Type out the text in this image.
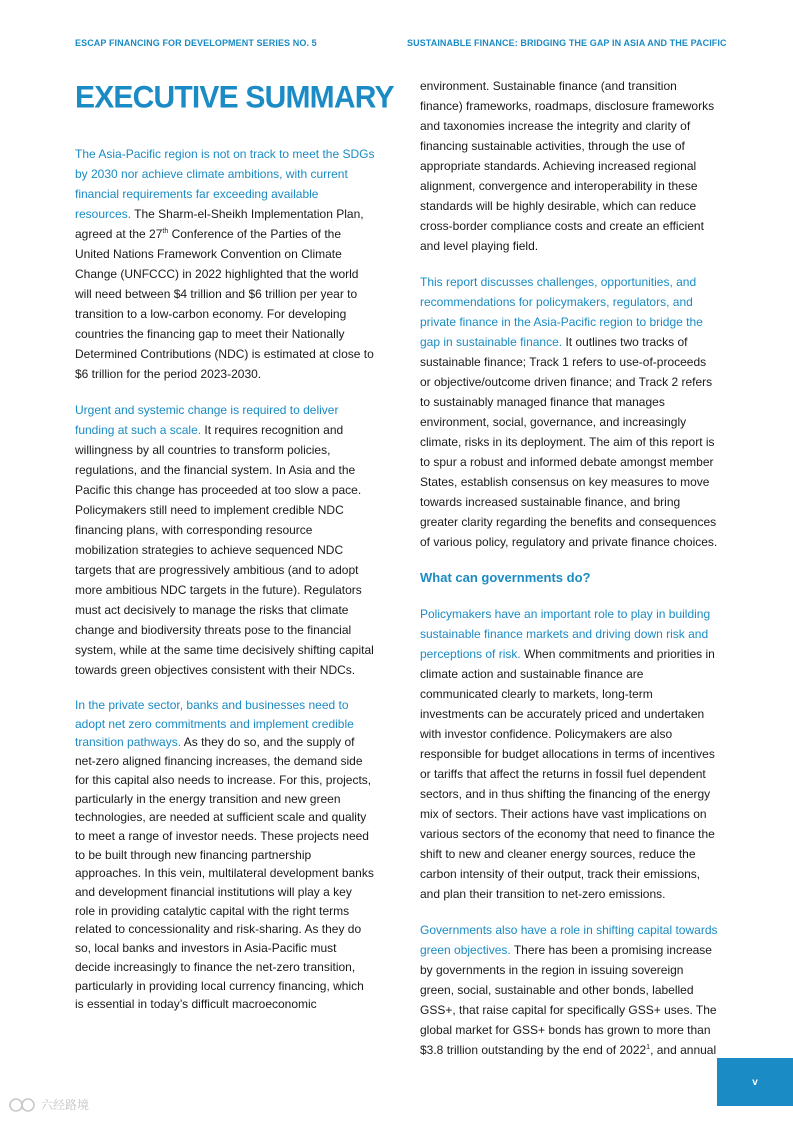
ESCAP FINANCING FOR DEVELOPMENT SERIES NO. 5	SUSTAINABLE FINANCE: BRIDGING THE GAP IN ASIA AND THE PACIFIC
EXECUTIVE SUMMARY

The Asia-Pacific region is not on track to meet the SDGs by 2030 nor achieve climate ambitions, with current financial requirements far exceeding available resources. The Sharm-el-Sheikh Implementation Plan, agreed at the 27th Conference of the Parties of the United Nations Framework Convention on Climate Change (UNFCCC) in 2022 highlighted that the world will need between $4 trillion and $6 trillion per year to transition to a low-carbon economy. For developing countries the financing gap to meet their Nationally Determined Contributions (NDC) is estimated at close to $6 trillion for the period 2023-2030.

Urgent and systemic change is required to deliver funding at such a scale. It requires recognition and willingness by all countries to transform policies, regulations, and the financial system. In Asia and the Pacific this change has proceeded at too slow a pace. Policymakers still need to implement credible NDC financing plans, with corresponding resource mobilization strategies to achieve sequenced NDC targets that are progressively ambitious (and to adopt more ambitious NDC targets in the future). Regulators must act decisively to manage the risks that climate change and biodiversity threats pose to the financial system, while at the same time decisively shifting capital towards green objectives consistent with their NDCs.

In the private sector, banks and businesses need to adopt net zero commitments and implement credible transition pathways. As they do so, and the supply of net-zero aligned financing increases, the demand side for this capital also needs to increase. For this, projects, particularly in the energy transition and new green technologies, are needed at sufficient scale and quality to meet a range of investor needs. These projects need to be built through new financing partnership approaches. In this vein, multilateral development banks and development financial institutions will play a key role in providing catalytic capital with the right terms related to concessionality and risk-sharing. As they do so, local banks and investors in Asia-Pacific must decide increasingly to finance the net-zero transition, particularly in providing local currency financing, which is essential in today’s difficult macroeconomic

environment. Sustainable finance (and transition finance) frameworks, roadmaps, disclosure frameworks and taxonomies increase the integrity and clarity of financing sustainable activities, through the use of appropriate standards. Achieving increased regional alignment, convergence and interoperability in these standards will be highly desirable, which can reduce cross-border compliance costs and create an efficient and level playing field.

This report discusses challenges, opportunities, and recommendations for policymakers, regulators, and private finance in the Asia-Pacific region to bridge the gap in sustainable finance. It outlines two tracks of sustainable finance; Track 1 refers to use-of-proceeds or objective/outcome driven finance; and Track 2 refers to sustainably managed finance that manages environment, social, governance, and increasingly climate, risks in its deployment. The aim of this report is to spur a robust and informed debate amongst member States, establish consensus on key measures to move towards increased sustainable finance, and bring greater clarity regarding the benefits and consequences of various policy, regulatory and private finance choices.

What can governments do?

Policymakers have an important role to play in building sustainable finance markets and driving down risk and perceptions of risk. When commitments and priorities in climate action and sustainable finance are communicated clearly to markets, long-term investments can be accurately priced and undertaken with investor confidence. Policymakers are also responsible for budget allocations in terms of incentives or tariffs that affect the returns in fossil fuel dependent sectors, and in thus shifting the financing of the energy mix of sectors. Their actions have vast implications on various sectors of the economy that need to finance the shift to new and cleaner energy sources, reduce the carbon intensity of their output, track their emissions, and plan their transition to net-zero emissions.

Governments also have a role in shifting capital towards green objectives. There has been a promising increase by governments in the region in issuing sovereign green, social, sustainable and other bonds, labelled GSS+, that raise capital for specifically GSS+ uses. The global market for GSS+ bonds has grown to more than $3.8 trillion outstanding by the end of 2022$^1$, and annual

v
六经路境
